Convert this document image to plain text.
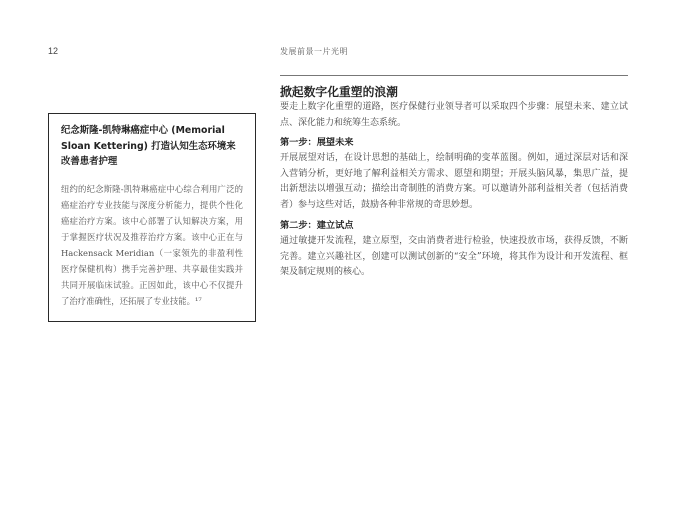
12	发展前景一片光明

纪念斯隆-凯特琳癌症中心 (Memorial Sloan Kettering) 打造认知生态环境来改善患者护理

纽约的纪念斯隆-凯特琳癌症中心综合利用广泛的癌症治疗专业技能与深度分析能力，提供个性化癌症治疗方案。该中心部署了认知解决方案，用于掌握医疗状况及推荐治疗方案。该中心正在与 Hackensack Meridian（一家领先的非盈利性医疗保健机构）携手完善护理、共享最佳实践并共同开展临床试验。正因如此，该中心不仅提升了治疗准确性，还拓展了专业技能。¹⁷

掀起数字化重塑的浪潮

要走上数字化重塑的道路，医疗保健行业领导者可以采取四个步骤：展望未来、建立试点、深化能力和统筹生态系统。

第一步：展望未来

开展展望对话，在设计思想的基础上，绘制明确的变革蓝图。例如，通过深层对话和深入营销分析，更好地了解利益相关方需求、愿望和期望；开展头脑风暴，集思广益，提出新想法以增强互动；描绘出奇制胜的消费方案。可以邀请外部利益相关者（包括消费者）参与这些对话，鼓励各种非常规的奇思妙想。

第二步：建立试点

通过敏捷开发流程，建立原型，交由消费者进行检验，快速投放市场，获得反馈，不断完善。建立兴趣社区，创建可以测试创新的“安全”环境，将其作为设计和开发流程、框架及制定规则的核心。
